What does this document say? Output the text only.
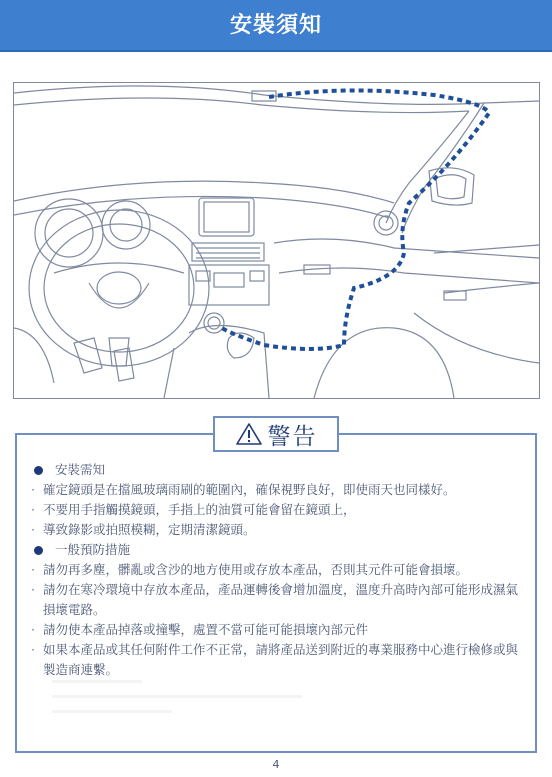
安裝須知
警告
安裝需知
· 確定鏡頭是在擋風玻璃雨刷的範圍內，確保視野良好，即使雨天也同樣好。
· 不要用手指觸摸鏡頭，手指上的油質可能會留在鏡頭上，
· 導致錄影或拍照模糊，定期清潔鏡頭。
一般預防措施
· 請勿再多塵，髒亂或含沙的地方使用或存放本產品，否則其元件可能會損壞。
· 請勿在寒冷環境中存放本產品，產品運轉後會增加溫度，溫度升高時內部可能形成濕氣損壞電路。
· 請勿使本產品掉落或撞擊，處置不當可能可能損壞內部元件
· 如果本產品或其任何附件工作不正常，請將產品送到附近的專業服務中心進行檢修或與製造商連繫。
4
